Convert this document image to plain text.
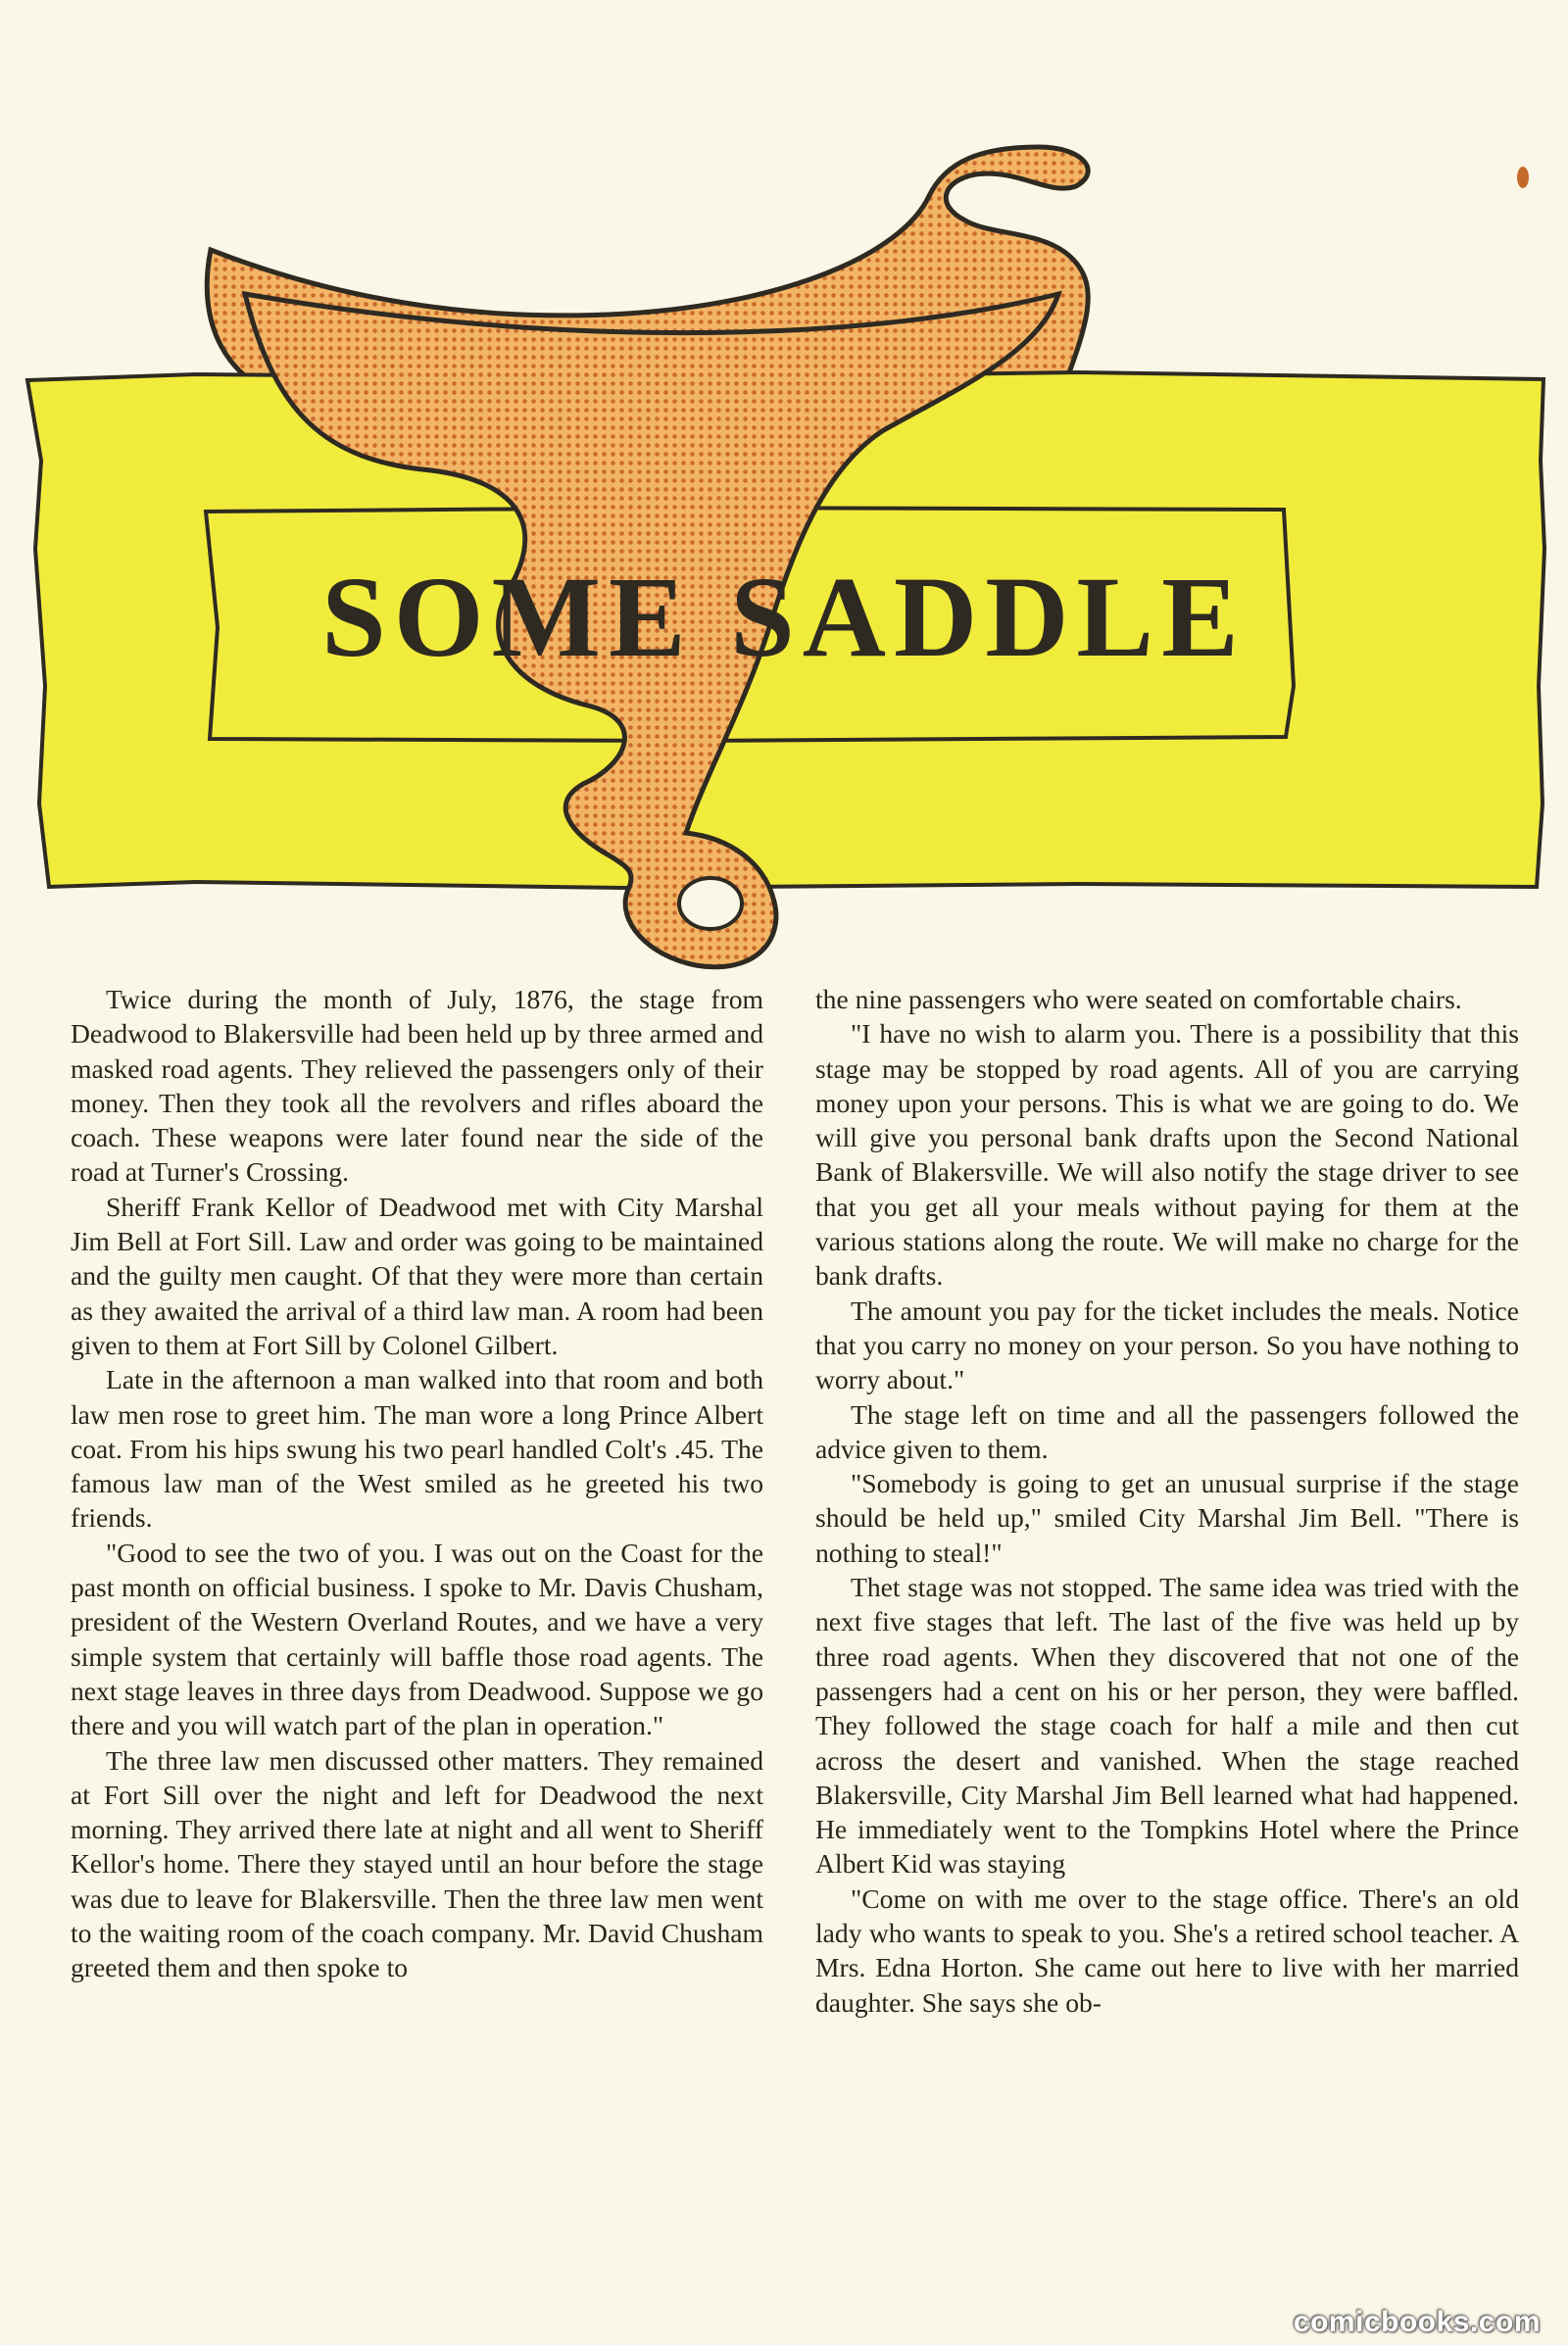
SOME SADDLE

Twice during the month of July, 1876, the stage from Deadwood to Blakersville had been held up by three armed and masked road agents. They relieved the passengers only of their money. Then they took all the revolvers and rifles aboard the coach. These weapons were later found near the side of the road at Turner's Crossing.

Sheriff Frank Kellor of Deadwood met with City Marshal Jim Bell at Fort Sill. Law and order was going to be maintained and the guilty men caught. Of that they were more than certain as they awaited the arrival of a third law man. A room had been given to them at Fort Sill by Colonel Gilbert.

Late in the afternoon a man walked into that room and both law men rose to greet him. The man wore a long Prince Albert coat. From his hips swung his two pearl handled Colt's .45. The famous law man of the West smiled as he greeted his two friends.

"Good to see the two of you. I was out on the Coast for the past month on official business. I spoke to Mr. Davis Chusham, president of the Western Overland Routes, and we have a very simple system that certainly will baffle those road agents. The next stage leaves in three days from Deadwood. Suppose we go there and you will watch part of the plan in operation."

The three law men discussed other matters. They remained at Fort Sill over the night and left for Deadwood the next morning. They arrived there late at night and all went to Sheriff Kellor's home. There they stayed until an hour before the stage was due to leave for Blakersville. Then the three law men went to the waiting room of the coach company. Mr. David Chusham greeted them and then spoke to

the nine passengers who were seated on comfortable chairs.

"I have no wish to alarm you. There is a possibility that this stage may be stopped by road agents. All of you are carrying money upon your persons. This is what we are going to do. We will give you personal bank drafts upon the Second National Bank of Blakersville. We will also notify the stage driver to see that you get all your meals without paying for them at the various stations along the route. We will make no charge for the bank drafts.

The amount you pay for the ticket includes the meals. Notice that you carry no money on your person. So you have nothing to worry about."

The stage left on time and all the passengers followed the advice given to them.

"Somebody is going to get an unusual surprise if the stage should be held up," smiled City Marshal Jim Bell. "There is nothing to steal!"

Thet stage was not stopped. The same idea was tried with the next five stages that left. The last of the five was held up by three road agents. When they discovered that not one of the passengers had a cent on his or her person, they were baffled. They followed the stage coach for half a mile and then cut across the desert and vanished. When the stage reached Blakersville, City Marshal Jim Bell learned what had happened. He immediately went to the Tompkins Hotel where the Prince Albert Kid was staying

"Come on with me over to the stage office. There's an old lady who wants to speak to you. She's a retired school teacher. A Mrs. Edna Horton. She came out here to live with her married daughter. She says she ob-

comicbooks.com
